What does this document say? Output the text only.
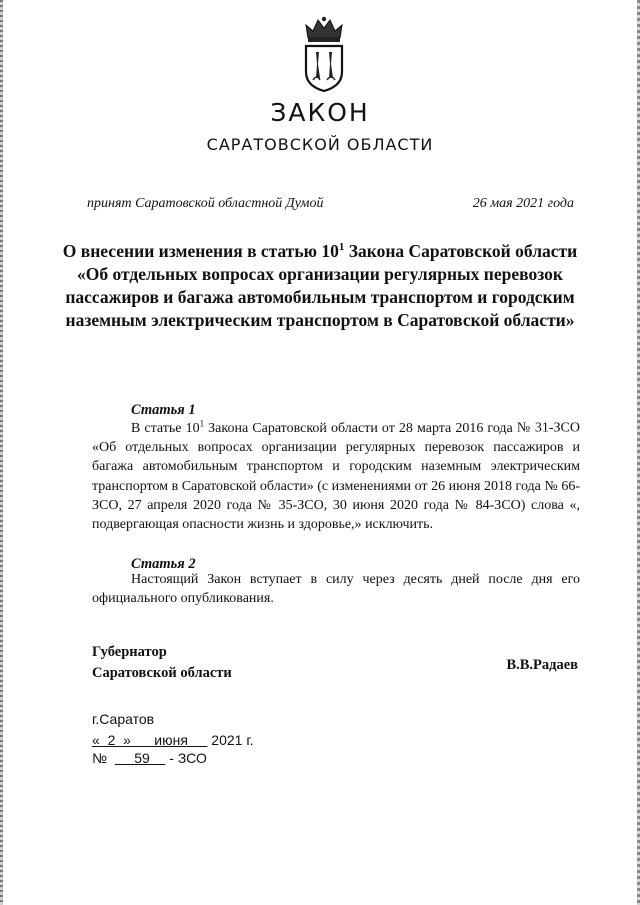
ЗАКОН
САРАТОВСКОЙ ОБЛАСТИ
принят Саратовской областной Думой	26 мая 2021 года
О внесении изменения в статью $10^1$ Закона Саратовской области «Об отдельных вопросах организации регулярных перевозок пассажиров и багажа автомобильным транспортом и городским наземным электрическим транспортом в Саратовской области»
Статья 1
В статье $10^1$ Закона Саратовской области от 28 марта 2016 года № 31-ЗСО «Об отдельных вопросах организации регулярных перевозок пассажиров и багажа автомобильным транспортом и городским наземным электрическим транспортом в Саратовской области» (с изменениями от 26 июня 2018 года № 66-ЗСО, 27 апреля 2020 года № 35-ЗСО, 30 июня 2020 года № 84-ЗСО) слова «, подвергающая опасности жизнь и здоровье,» исключить.
Статья 2
Настоящий Закон вступает в силу через десять дней после дня его официального опубликования.
Губернатор
Саратовской области	В.В.Радаев
г.Саратов
« 2 » июня 2021 г.
№ 59 - ЗСО
